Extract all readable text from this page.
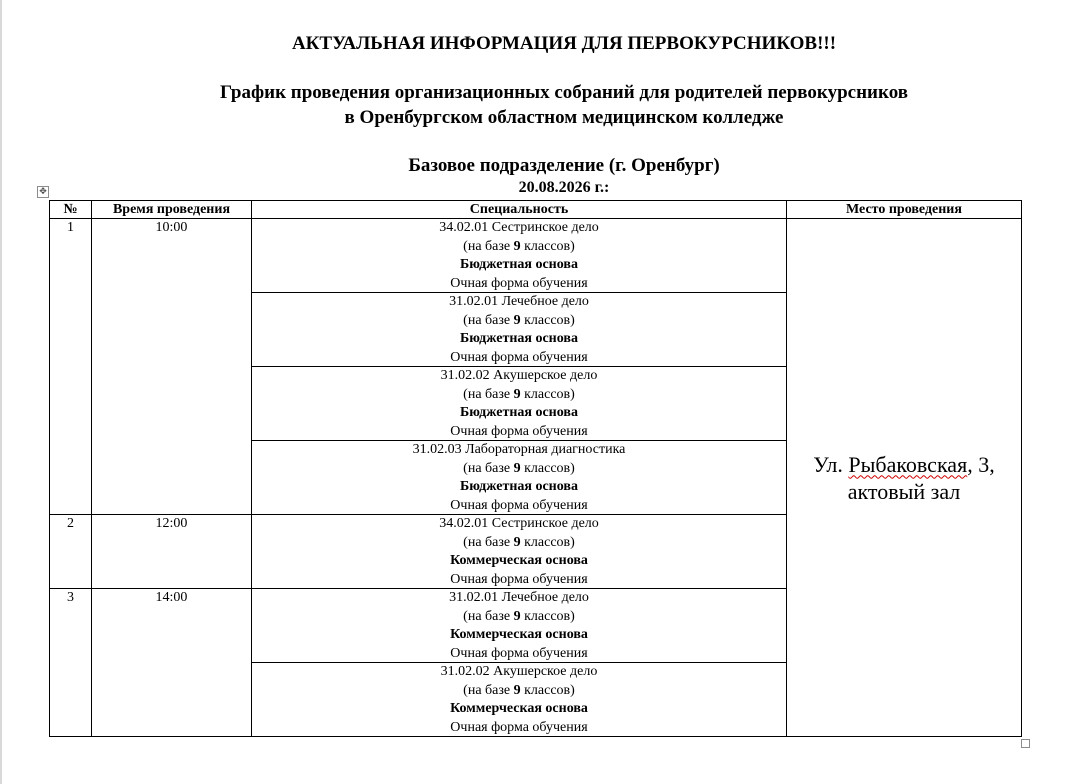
АКТУАЛЬНАЯ ИНФОРМАЦИЯ ДЛЯ ПЕРВОКУРСНИКОВ!!!
График проведения организационных собраний для родителей первокурсников
в Оренбургском областном медицинском колледже
Базовое подразделение (г. Оренбург)
20.08.2026 г.:
✥
№	Время проведения	Специальность	Место проведения
1	10:00	34.02.01 Сестринское дело
(на базе 9 классов)
Бюджетная основа
Очная форма обучения	Ул. Рыбаковская, 3,
актовый зал

		31.02.01 Лечебное дело
(на базе 9 классов)
Бюджетная основа
Очная форма обучения	

		31.02.02 Акушерское дело
(на базе 9 классов)
Бюджетная основа
Очная форма обучения	

		31.02.03 Лабораторная диагностика
(на базе 9 классов)
Бюджетная основа
Очная форма обучения	

2	12:00	34.02.01 Сестринское дело
(на базе 9 классов)
Коммерческая основа
Очная форма обучения	

3	14:00	31.02.01 Лечебное дело
(на базе 9 классов)
Коммерческая основа
Очная форма обучения	

		31.02.02 Акушерское дело
(на базе 9 классов)
Коммерческая основа
Очная форма обучения	
